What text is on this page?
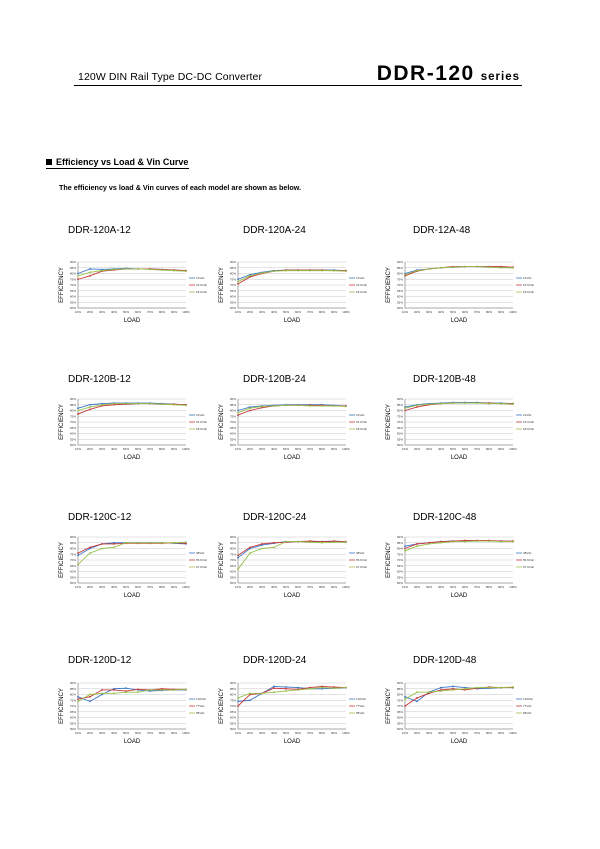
120W DIN Rail Type DC-DC Converter	DDR-120 series
Efficiency vs Load & Vin Curve
The efficiency vs load & Vin curves of each model are shown as below.
DDR-120A-12
90%
85%
80%
75%
70%
65%
60%
55%
50%
10% 20% 30% 40% 50% 60% 70% 80% 90% 100%
LOAD
EFFICIENCY	12Vdc
15.6Vdc
18.6Vdc
DDR-120A-24
90%
85%
80%
75%
70%
65%
60%
55%
50%
10% 20% 30% 40% 50% 60% 70% 80% 90% 100%
LOAD
EFFICIENCY	12Vdc
15.6Vdc
18.6Vdc
DDR-12A-48
90%
85%
80%
75%
70%
65%
60%
55%
50%
10% 20% 30% 40% 50% 60% 70% 80% 90% 100%
LOAD
EFFICIENCY	12Vdc
15.6Vdc
18.6Vdc
DDR-120B-12
90%
85%
80%
75%
70%
65%
60%
55%
50%
10% 20% 30% 40% 50% 60% 70% 80% 90% 100%
LOAD
EFFICIENCY	12Vdc
15.6Vdc
18.6Vdc
DDR-120B-24
90%
85%
80%
75%
70%
65%
60%
55%
50%
10% 20% 30% 40% 50% 60% 70% 80% 90% 100%
LOAD
EFFICIENCY	12Vdc
15.6Vdc
18.6Vdc
DDR-120B-48
90%
85%
80%
75%
70%
65%
60%
55%
50%
10% 20% 30% 40% 50% 60% 70% 80% 90% 100%
LOAD
EFFICIENCY	12Vdc
15.6Vdc
18.6Vdc
DDR-120C-12
90%
85%
80%
75%
70%
65%
60%
55%
50%
10% 20% 30% 40% 50% 60% 70% 80% 90% 100%
LOAD
EFFICIENCY	48Vdc
55.6Vdc
67.6Vdc
DDR-120C-24
90%
85%
80%
75%
70%
65%
60%
55%
50%
10% 20% 30% 40% 50% 60% 70% 80% 90% 100%
LOAD
EFFICIENCY	48Vdc
55.6Vdc
67.6Vdc
DDR-120C-48
90%
85%
80%
75%
70%
65%
60%
55%
50%
10% 20% 30% 40% 50% 60% 70% 80% 90% 100%
LOAD
EFFICIENCY	48Vdc
55.6Vdc
67.6Vdc
DDR-120D-12
90%
85%
80%
75%
70%
65%
60%
55%
50%
10% 20% 30% 40% 50% 60% 70% 80% 90% 100%
LOAD
EFFICIENCY	110Vdc
77Vdc
95Vdc
DDR-120D-24
90%
85%
80%
75%
70%
65%
60%
55%
50%
10% 20% 30% 40% 50% 60% 70% 80% 90% 100%
LOAD
EFFICIENCY	110Vdc
77Vdc
95Vdc
DDR-120D-48
90%
85%
80%
75%
70%
65%
60%
55%
50%
10% 20% 30% 40% 50% 60% 70% 80% 90% 100%
LOAD
EFFICIENCY	110Vdc
77Vdc
95Vdc
